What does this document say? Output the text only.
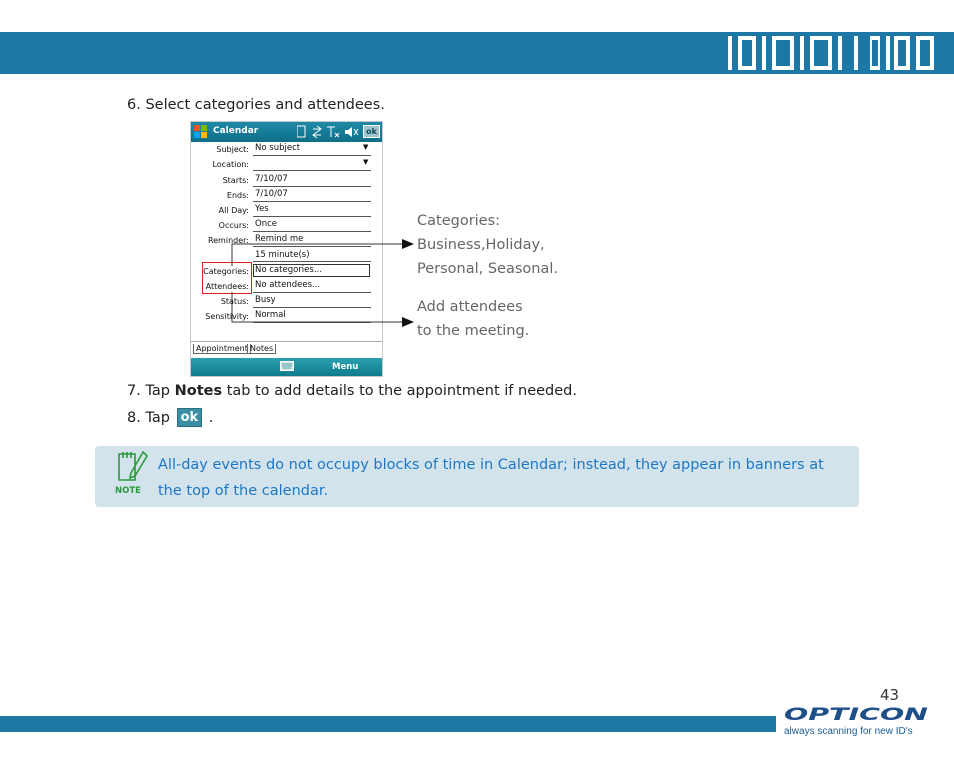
6. Select categories and attendees.
Calendar	ok
Subject: No subject	▼
Location:	▼
Starts: 7/10/07
Ends: 7/10/07
All Day: Yes
Occurs: Once
Reminder: Remind me
15 minute(s)
Categories: No categories...
Attendees: No attendees...
Status: Busy
Sensitivity: Normal
Appointment Notes
Menu
Categories:
Business,Holiday,
Personal, Seasonal.
Add attendees
to the meeting.
7. Tap Notes tab to add details to the appointment if needed.
8. Tap ok .
NOTE
All-day events do not occupy blocks of time in Calendar; instead, they appear in banners at the top of the calendar.
43
OPTICON
always scanning for new ID's
